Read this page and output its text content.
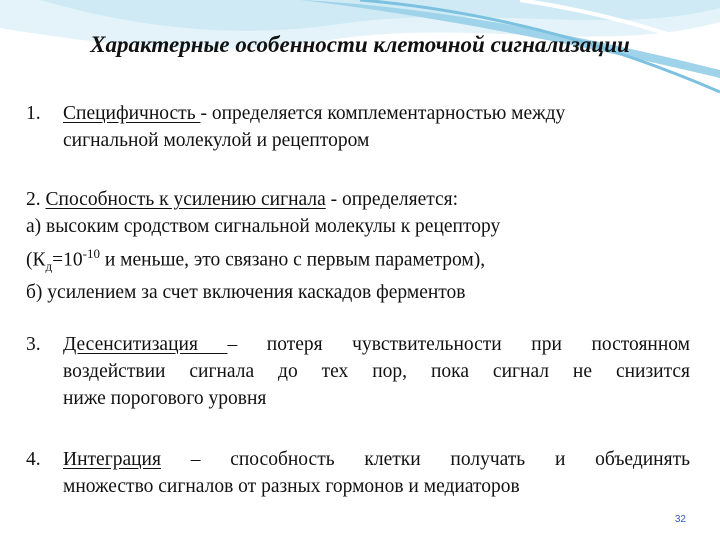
Характерные особенности клеточной сигнализации
1. Специфичность - определяется комплементарностью между
сигнальной молекулой и рецептором
2. Способность к усилению сигнала - определяется:
а) высоким сродством сигнальной молекулы к рецептору
($К_д=10^{-10}$ и меньше, это связано с первым параметром),
б) усилением за счет включения каскадов ферментов
3. Десенситизация – потеря чувствительности при постоянном
воздействии сигнала до тех пор, пока сигнал не снизится
ниже порогового уровня
4. Интеграция – способность клетки получать и объединять
множество сигналов от разных гормонов и медиаторов
32
